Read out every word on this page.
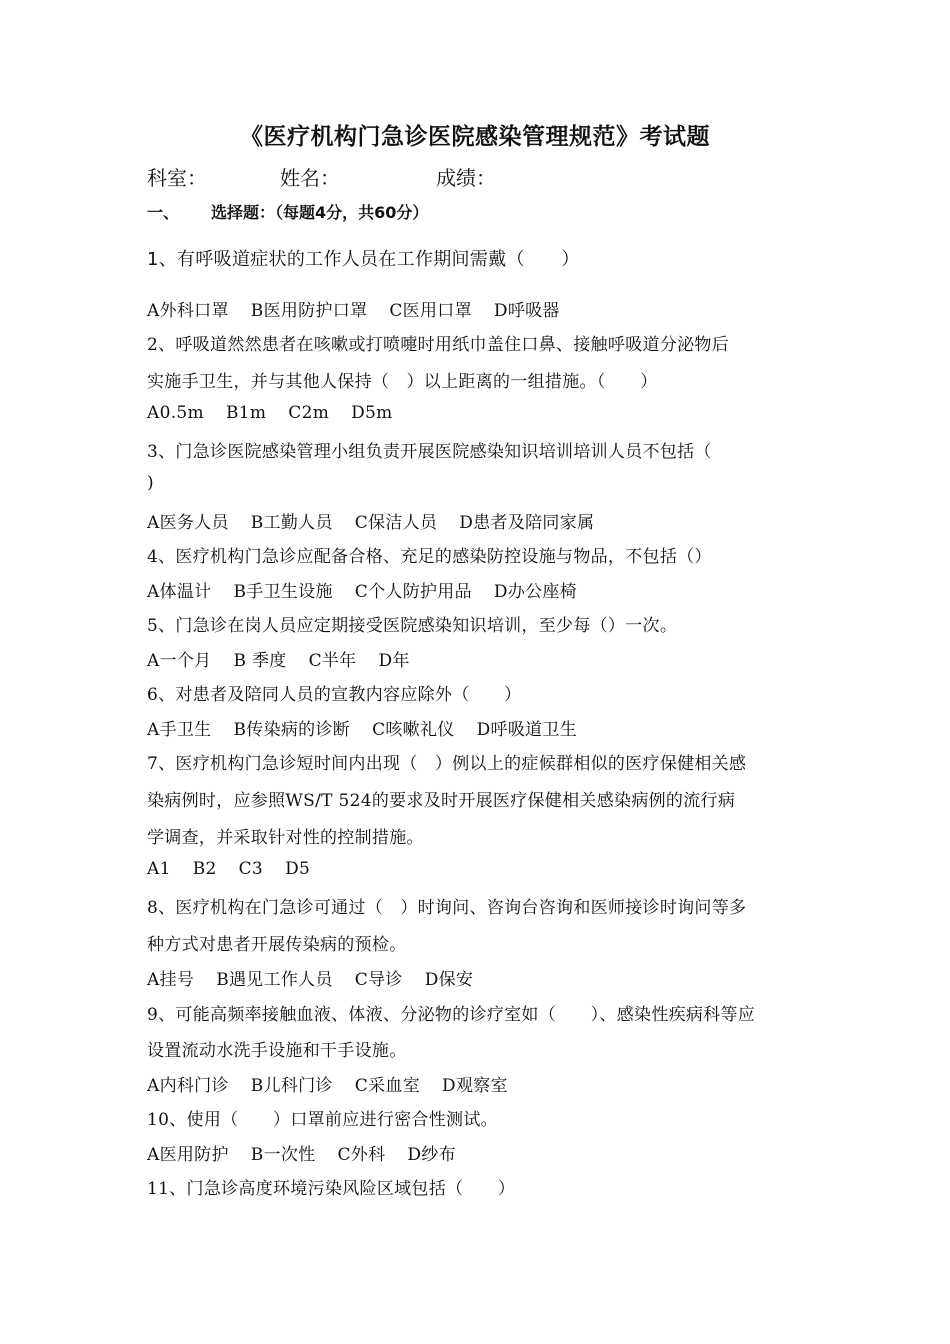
《医疗机构门急诊医院感染管理规范》考试题
科室：	姓名：	成绩：
一、 选择题：（每题4分，共60分）
1、有呼吸道症状的工作人员在工作期间需戴（　　）
A外科口罩 B医用防护口罩 C医用口罩 D呼吸器
2、呼吸道然然患者在咳嗽或打喷嚏时用纸巾盖住口鼻、接触呼吸道分泌物后
实施手卫生，并与其他人保持（　）以上距离的一组措施。（　　）
A0.5m B1m C2m D5m
3、门急诊医院感染管理小组负责开展医院感染知识培训培训人员不包括（
)
A医务人员 B工勤人员 C保洁人员 D患者及陪同家属
4、医疗机构门急诊应配备合格、充足的感染防控设施与物品，不包括（）
A体温计 B手卫生设施 C个人防护用品 D办公座椅
5、门急诊在岗人员应定期接受医院感染知识培训，至少每（）一次。
A一个月 B 季度 C半年 D年
6、对患者及陪同人员的宣教内容应除外（　　）
A手卫生 B传染病的诊断 C咳嗽礼仪 D呼吸道卫生
7、医疗机构门急诊短时间内出现（　）例以上的症候群相似的医疗保健相关感
染病例时，应参照WS/T 524的要求及时开展医疗保健相关感染病例的流行病
学调查，并采取针对性的控制措施。
A1 B2 C3 D5
8、医疗机构在门急诊可通过（　）时询问、咨询台咨询和医师接诊时询问等多
种方式对患者开展传染病的预检。
A挂号 B遇见工作人员 C导诊 D保安
9、可能高频率接触血液、体液、分泌物的诊疗室如（　　）、感染性疾病科等应
设置流动水洗手设施和干手设施。
A内科门诊 B儿科门诊 C采血室 D观察室
10、使用（　　）口罩前应进行密合性测试。
A医用防护 B一次性 C外科 D纱布
11、门急诊高度环境污染风险区域包括（　　）
